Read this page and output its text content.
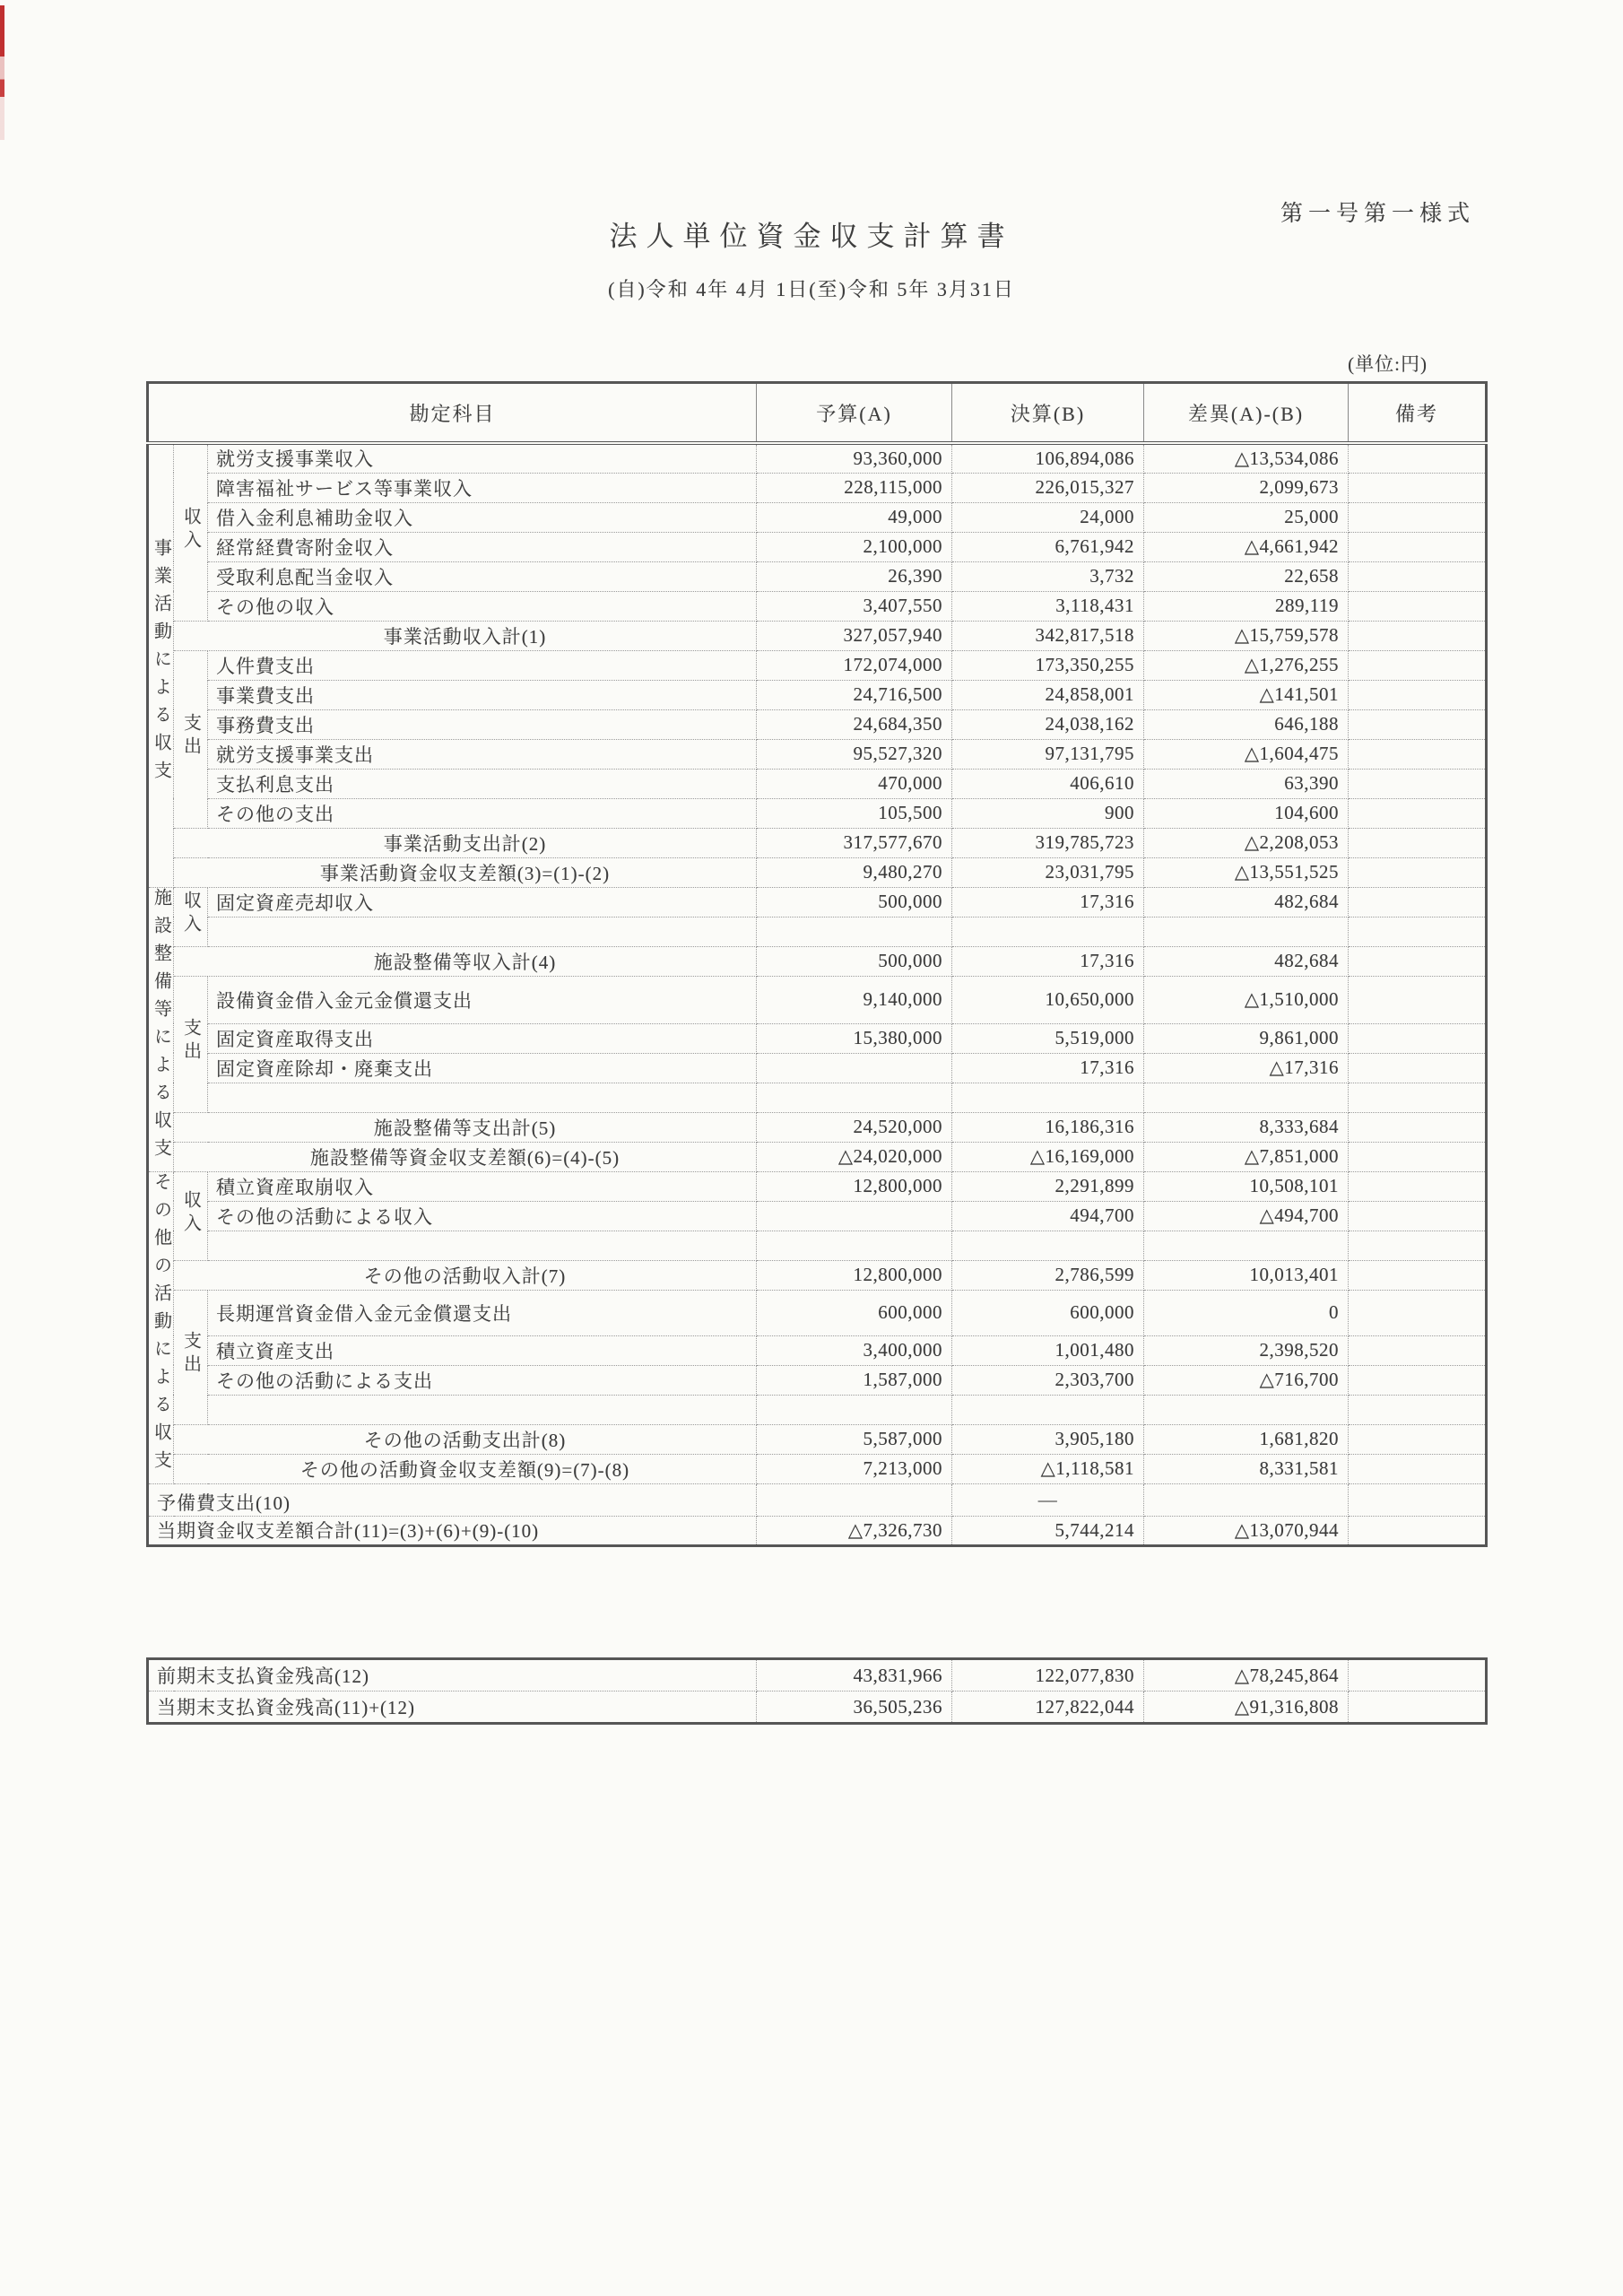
第一号第一様式
法人単位資金収支計算書
(自)令和 4年 4月 1日(至)令和 5年 3月31日
(単位:円)
勘定科目			予算(A)	決算(B)	差異(A)-(B)	備考
事業活動による収支	収入	就労支援事業収入	93,360,000	106,894,086	△13,534,086	
		障害福祉サービス等事業収入	228,115,000	226,015,327	2,099,673	
		借入金利息補助金収入	49,000	24,000	25,000	
		経常経費寄附金収入	2,100,000	6,761,942	△4,661,942	
		受取利息配当金収入	26,390	3,732	22,658	
		その他の収入	3,407,550	3,118,431	289,119	
	事業活動収入計(1)		327,057,940	342,817,518	△15,759,578	
	支出	人件費支出	172,074,000	173,350,255	△1,276,255	
		事業費支出	24,716,500	24,858,001	△141,501	
		事務費支出	24,684,350	24,038,162	646,188	
		就労支援事業支出	95,527,320	97,131,795	△1,604,475	
		支払利息支出	470,000	406,610	63,390	
		その他の支出	105,500	900	104,600	
	事業活動支出計(2)		317,577,670	319,785,723	△2,208,053	
	事業活動資金収支差額(3)=(1)-(2)		9,480,270	23,031,795	△13,551,525	
施設整備等による収支	収入	固定資産売却収入	500,000	17,316	482,684	

	施設整備等収入計(4)		500,000	17,316	482,684	
	支出	設備資金借入金元金償還支出	9,140,000	10,650,000	△1,510,000	
		固定資産取得支出	15,380,000	5,519,000	9,861,000	
		固定資産除却・廃棄支出		17,316	△17,316	

	施設整備等支出計(5)		24,520,000	16,186,316	8,333,684	
	施設整備等資金収支差額(6)=(4)-(5)		△24,020,000	△16,169,000	△7,851,000	
その他の活動による収支	収入	積立資産取崩収入	12,800,000	2,291,899	10,508,101	
		その他の活動による収入		494,700	△494,700	

	その他の活動収入計(7)		12,800,000	2,786,599	10,013,401	
	支出	長期運営資金借入金元金償還支出	600,000	600,000	0	
		積立資産支出	3,400,000	1,001,480	2,398,520	
		その他の活動による支出	1,587,000	2,303,700	△716,700	

	その他の活動支出計(8)		5,587,000	3,905,180	1,681,820	
	その他の活動資金収支差額(9)=(7)-(8)		7,213,000	△1,118,581	8,331,581	
予備費支出(10)				—		
当期資金収支差額合計(11)=(3)+(6)+(9)-(10)			△7,326,730	5,744,214	△13,070,944	
前期末支払資金残高(12)	43,831,966	122,077,830	△78,245,864	
当期末支払資金残高(11)+(12)	36,505,236	127,822,044	△91,316,808	
